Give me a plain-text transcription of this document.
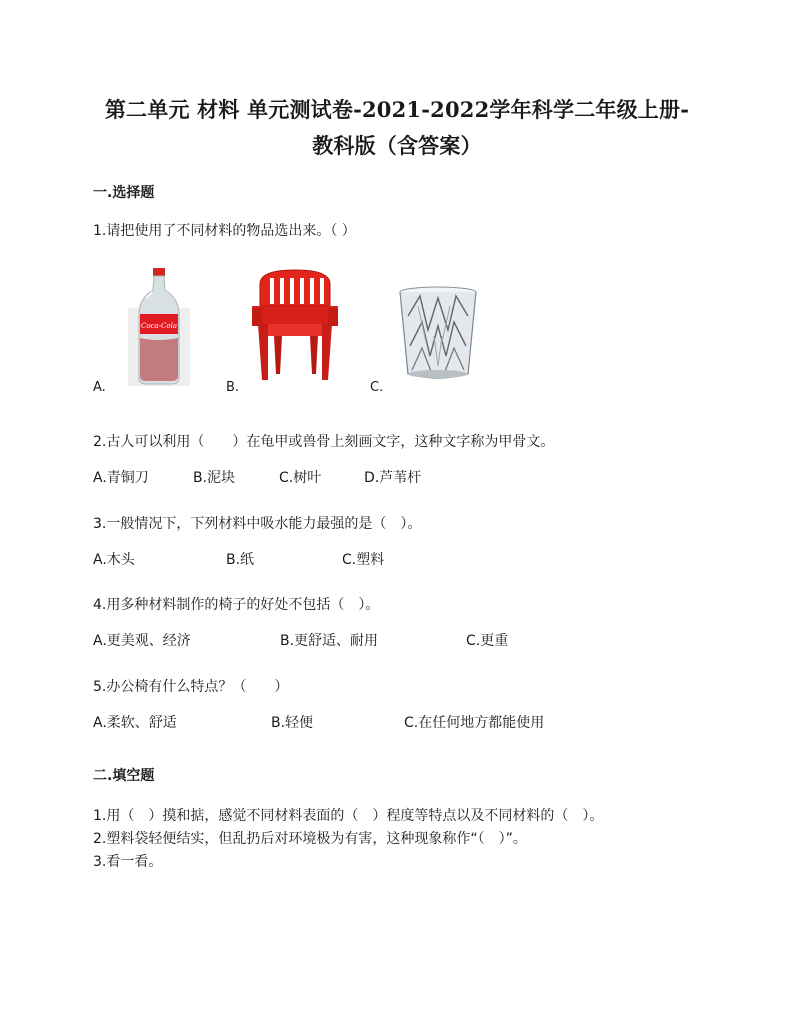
第二单元 材料 单元测试卷-2021-2022学年科学二年级上册-
教科版（含答案）
一.选择题
1.请把使用了不同材料的物品选出来。（ ）
Coca-Cola
A.	B.	C.
2.古人可以利用（　　）在龟甲或兽骨上刻画文字，这种文字称为甲骨文。
A.青铜刀	B.泥块	C.树叶	D.芦苇杆
3.一般情况下，下列材料中吸水能力最强的是（　）。
A.木头	B.纸	C.塑料
4.用多种材料制作的椅子的好处不包括（　）。
A.更美观、经济	B.更舒适、耐用	C.更重
5.办公椅有什么特点？（　　）
A.柔软、舒适	B.轻便	C.在任何地方都能使用
二.填空题
1.用（　）摸和掂，感觉不同材料表面的（　）程度等特点以及不同材料的（　）。
2.塑料袋轻便结实，但乱扔后对环境极为有害，这种现象称作“（　）”。
3.看一看。
